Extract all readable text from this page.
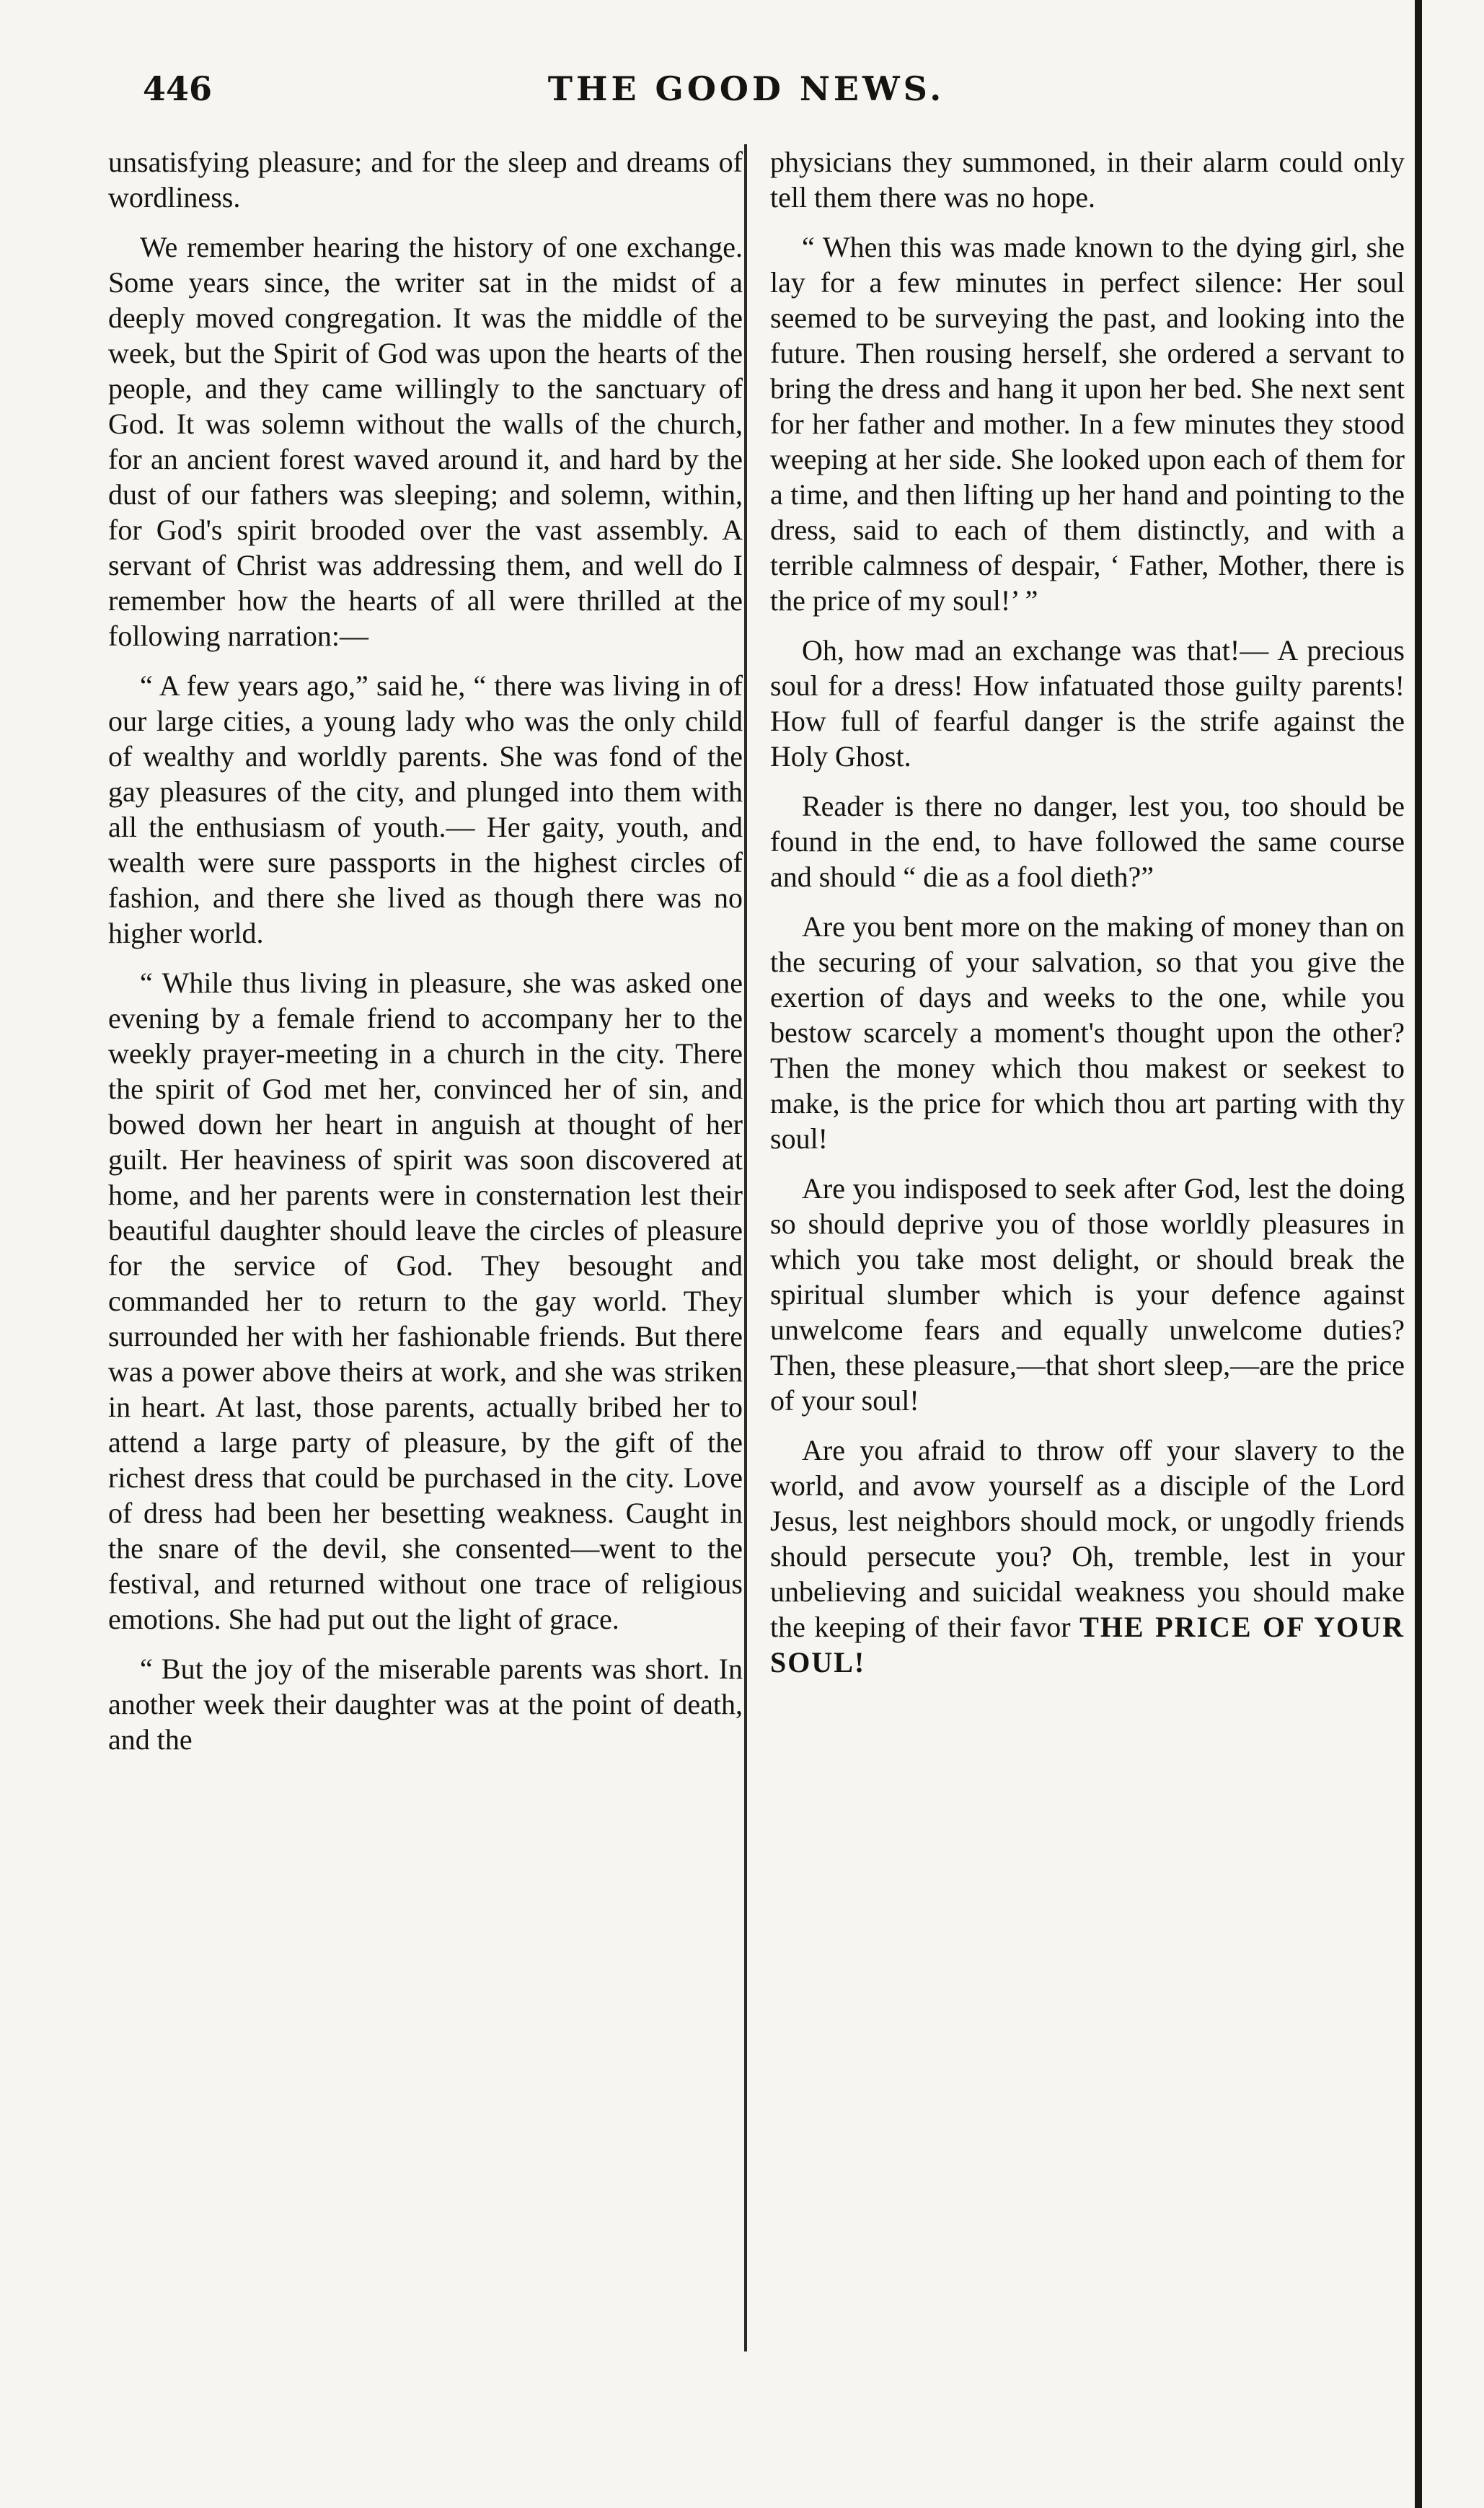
446	THE GOOD NEWS.

unsatisfying pleasure; and for the sleep and dreams of wordliness.

We remember hearing the history of one exchange. Some years since, the writer sat in the midst of a deeply moved congregation. It was the middle of the week, but the Spirit of God was upon the hearts of the people, and they came willingly to the sanctuary of God. It was solemn without the walls of the church, for an ancient forest waved around it, and hard by the dust of our fathers was sleeping; and solemn, within, for God's spirit brooded over the vast assembly. A servant of Christ was addressing them, and well do I remember how the hearts of all were thrilled at the following narration:—

“ A few years ago,” said he, “ there was living in of our large cities, a young lady who was the only child of wealthy and worldly parents. She was fond of the gay pleasures of the city, and plunged into them with all the enthusiasm of youth.— Her gaity, youth, and wealth were sure passports in the highest circles of fashion, and there she lived as though there was no higher world.

“ While thus living in pleasure, she was asked one evening by a female friend to accompany her to the weekly prayer-meeting in a church in the city. There the spirit of God met her, convinced her of sin, and bowed down her heart in anguish at thought of her guilt. Her heaviness of spirit was soon discovered at home, and her parents were in consternation lest their beautiful daughter should leave the circles of pleasure for the service of God. They besought and commanded her to return to the gay world. They surrounded her with her fashionable friends. But there was a power above theirs at work, and she was striken in heart. At last, those parents, actually bribed her to attend a large party of pleasure, by the gift of the richest dress that could be purchased in the city. Love of dress had been her besetting weakness. Caught in the snare of the devil, she consented—went to the festival, and returned without one trace of religious emotions. She had put out the light of grace.

“ But the joy of the miserable parents was short. In another week their daughter was at the point of death, and the

physicians they summoned, in their alarm could only tell them there was no hope.

“ When this was made known to the dying girl, she lay for a few minutes in perfect silence: Her soul seemed to be surveying the past, and looking into the future. Then rousing herself, she ordered a servant to bring the dress and hang it upon her bed. She next sent for her father and mother. In a few minutes they stood weeping at her side. She looked upon each of them for a time, and then lifting up her hand and pointing to the dress, said to each of them distinctly, and with a terrible calmness of despair, ‘ Father, Mother, there is the price of my soul!’ ”

Oh, how mad an exchange was that!— A precious soul for a dress! How infatuated those guilty parents! How full of fearful danger is the strife against the Holy Ghost.

Reader is there no danger, lest you, too should be found in the end, to have followed the same course and should “ die as a fool dieth?”

Are you bent more on the making of money than on the securing of your salvation, so that you give the exertion of days and weeks to the one, while you bestow scarcely a moment's thought upon the other? Then the money which thou makest or seekest to make, is the price for which thou art parting with thy soul!

Are you indisposed to seek after God, lest the doing so should deprive you of those worldly pleasures in which you take most delight, or should break the spiritual slumber which is your defence against unwelcome fears and equally unwelcome duties? Then, these pleasure,—that short sleep,—are the price of your soul!

Are you afraid to throw off your slavery to the world, and avow yourself as a disciple of the Lord Jesus, lest neighbors should mock, or ungodly friends should persecute you? Oh, tremble, lest in your unbelieving and suicidal weakness you should make the keeping of their favor THE PRICE OF YOUR SOUL!
